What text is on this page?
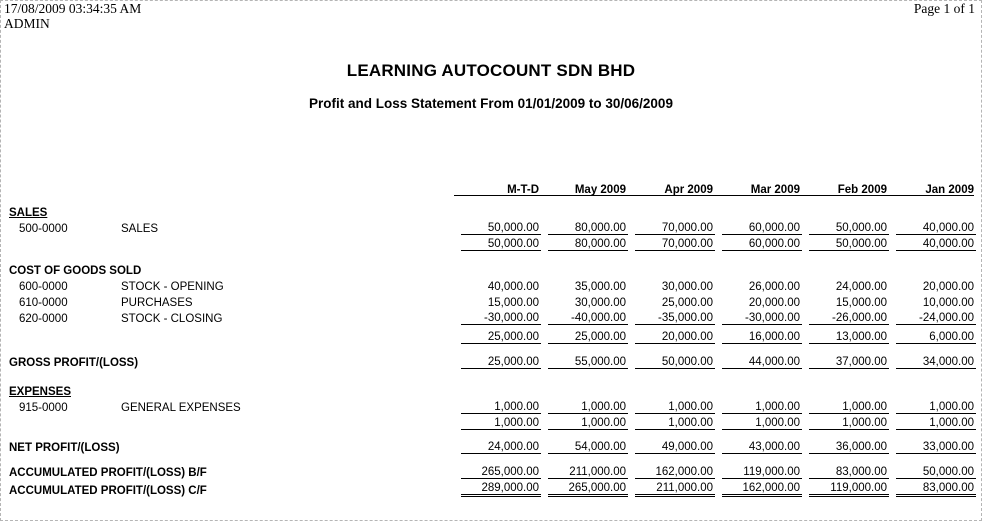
17/08/2009 03:34:35 AM
ADMIN
Page 1 of 1
LEARNING AUTOCOUNT SDN BHD
Profit and Loss Statement From 01/01/2009 to 30/06/2009
M-T-D	May 2009	Apr 2009	Mar 2009	Feb 2009	Jan 2009
SALES
500-0000	SALES	50,000.00	80,000.00	70,000.00	60,000.00	50,000.00	40,000.00
50,000.00	80,000.00	70,000.00	60,000.00	50,000.00	40,000.00
COST OF GOODS SOLD
600-0000	STOCK - OPENING	40,000.00	35,000.00	30,000.00	26,000.00	24,000.00	20,000.00
610-0000	PURCHASES	15,000.00	30,000.00	25,000.00	20,000.00	15,000.00	10,000.00
620-0000	STOCK - CLOSING	-30,000.00	-40,000.00	-35,000.00	-30,000.00	-26,000.00	-24,000.00
25,000.00	25,000.00	20,000.00	16,000.00	13,000.00	6,000.00
GROSS PROFIT/(LOSS)	25,000.00	55,000.00	50,000.00	44,000.00	37,000.00	34,000.00
EXPENSES
915-0000	GENERAL EXPENSES	1,000.00	1,000.00	1,000.00	1,000.00	1,000.00	1,000.00
1,000.00	1,000.00	1,000.00	1,000.00	1,000.00	1,000.00
NET PROFIT/(LOSS)	24,000.00	54,000.00	49,000.00	43,000.00	36,000.00	33,000.00
ACCUMULATED PROFIT/(LOSS) B/F	265,000.00	211,000.00	162,000.00	119,000.00	83,000.00	50,000.00
ACCUMULATED PROFIT/(LOSS) C/F	289,000.00	265,000.00	211,000.00	162,000.00	119,000.00	83,000.00
